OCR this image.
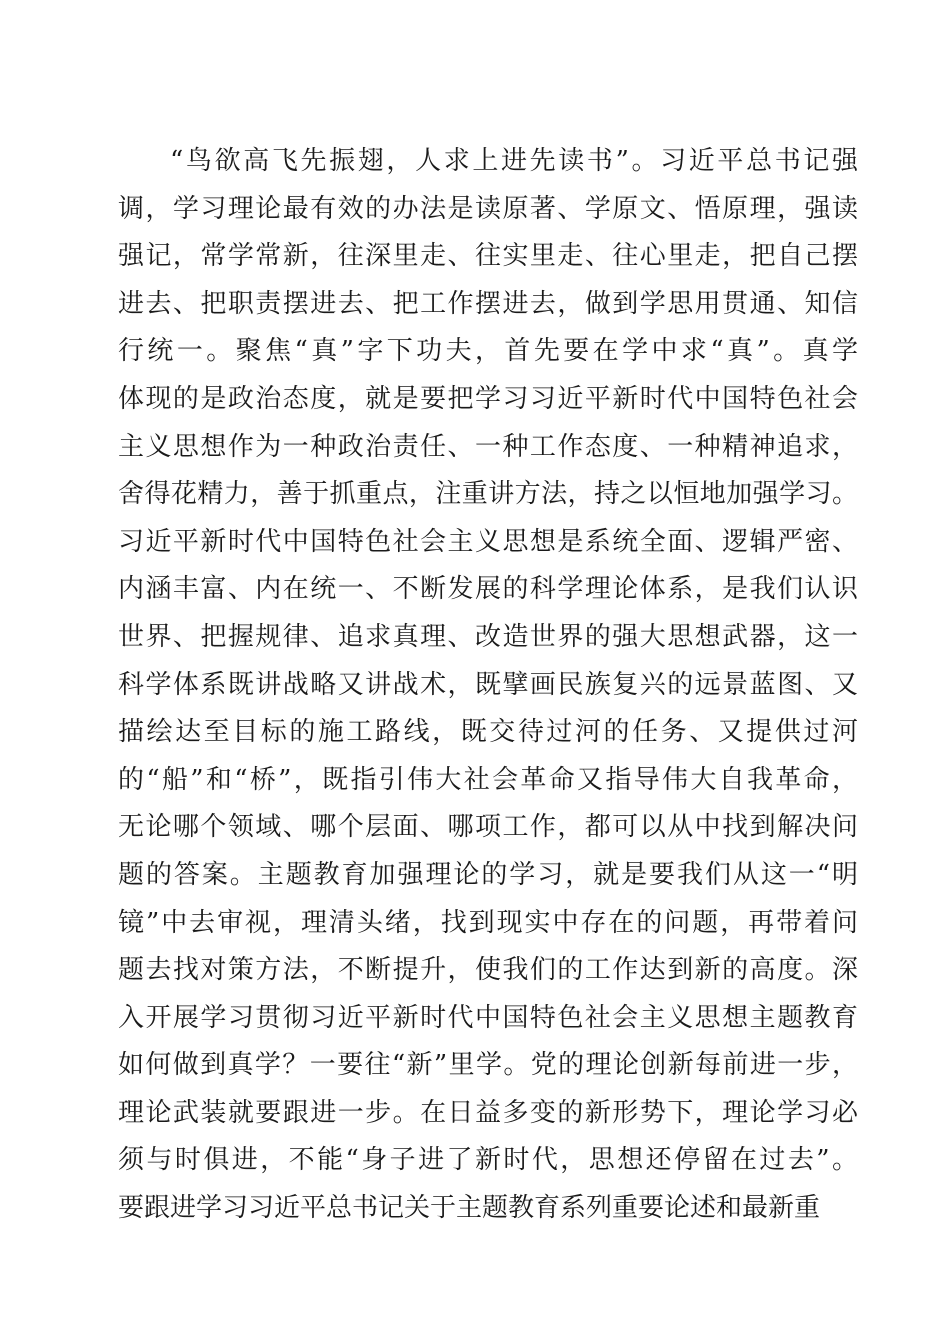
“鸟欲高飞先振翅，人求上进先读书”。习近平总书记强
调，学习理论最有效的办法是读原著、学原文、悟原理，强读
强记，常学常新，往深里走、往实里走、往心里走，把自己摆
进去、把职责摆进去、把工作摆进去，做到学思用贯通、知信
行统一。聚焦“真”字下功夫，首先要在学中求“真”。真学
体现的是政治态度，就是要把学习习近平新时代中国特色社会
主义思想作为一种政治责任、一种工作态度、一种精神追求，
舍得花精力，善于抓重点，注重讲方法，持之以恒地加强学习。
习近平新时代中国特色社会主义思想是系统全面、逻辑严密、
内涵丰富、内在统一、不断发展的科学理论体系，是我们认识
世界、把握规律、追求真理、改造世界的强大思想武器，这一
科学体系既讲战略又讲战术，既擘画民族复兴的远景蓝图、又
描绘达至目标的施工路线，既交待过河的任务、又提供过河
的“船”和“桥”，既指引伟大社会革命又指导伟大自我革命，
无论哪个领域、哪个层面、哪项工作，都可以从中找到解决问
题的答案。主题教育加强理论的学习，就是要我们从这一“明
镜”中去审视，理清头绪，找到现实中存在的问题，再带着问
题去找对策方法，不断提升，使我们的工作达到新的高度。深
入开展学习贯彻习近平新时代中国特色社会主义思想主题教育
如何做到真学？一要往“新”里学。党的理论创新每前进一步，
理论武装就要跟进一步。在日益多变的新形势下，理论学习必
须与时俱进，不能“身子进了新时代，思想还停留在过去”。
要跟进学习习近平总书记关于主题教育系列重要论述和最新重
